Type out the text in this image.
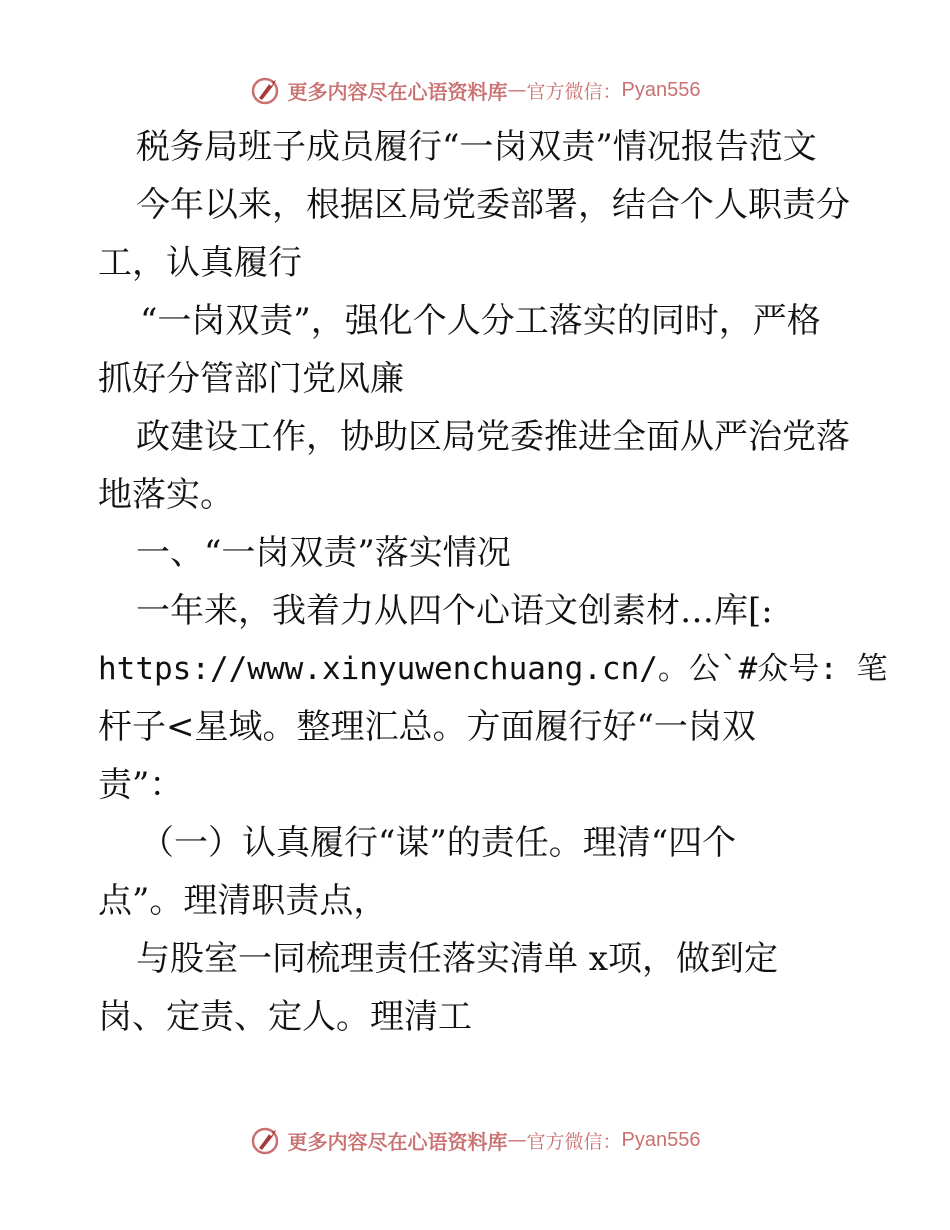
更多内容尽在心语资料库 — 官方微信： Pyan556
税务局班子成员履行“一岗双责”情况报告范文
今年以来，根据区局党委部署，结合个人职责分
工，认真履行
“一岗双责”，强化个人分工落实的同时，严格
抓好分管部门党风廉
政建设工作，协助区局党委推进全面从严治党落
地落实。
一、“一岗双责”落实情况
一年来，我着力从四个心语文创素材…库[:
https://www.xinyuwenchuang.cn/。公`#众号: 笔
杆子<星域。整理汇总。方面履行好“一岗双
责”：
（一）认真履行“谋”的责任。理清“四个
点”。理清职责点，
与股室一同梳理责任落实清单 x项，做到定
岗、定责、定人。理清工
更多内容尽在心语资料库 — 官方微信： Pyan556
